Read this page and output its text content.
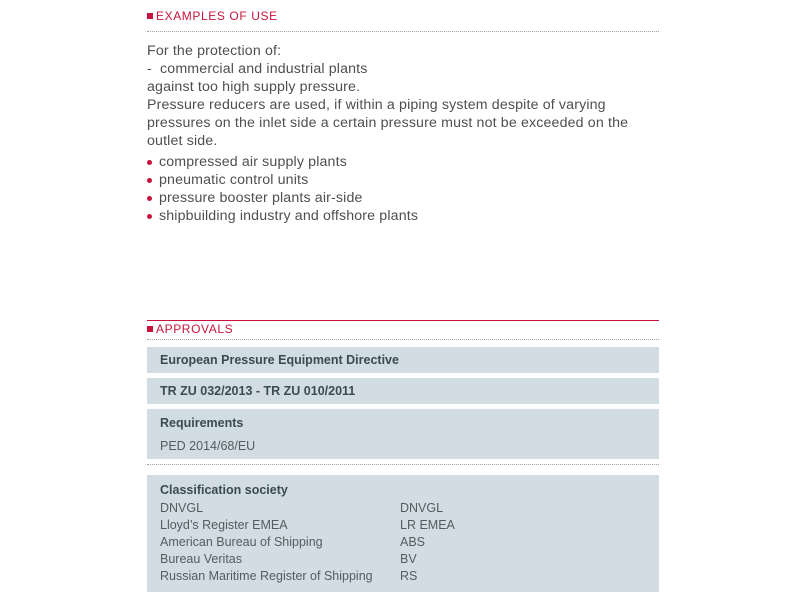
EXAMPLES OF USE

For the protection of:

-  commercial and industrial plants

against too high supply pressure.

Pressure reducers are used, if within a piping system despite of varying pressures on the inlet side a certain pressure must not be exceeded on the outlet side.

compressed air supply plants
pneumatic control units
pressure booster plants air-side
shipbuilding industry and offshore plants
APPROVALS
European Pressure Equipment Directive
TR ZU 032/2013 - TR ZU 010/2011
Requirements
PED 2014/68/EU
Classification society
DNVGL	DNVGL
Lloyd’s Register EMEA	LR EMEA
American Bureau of Shipping	ABS
Bureau Veritas	BV
Russian Maritime Register of Shipping	RS
